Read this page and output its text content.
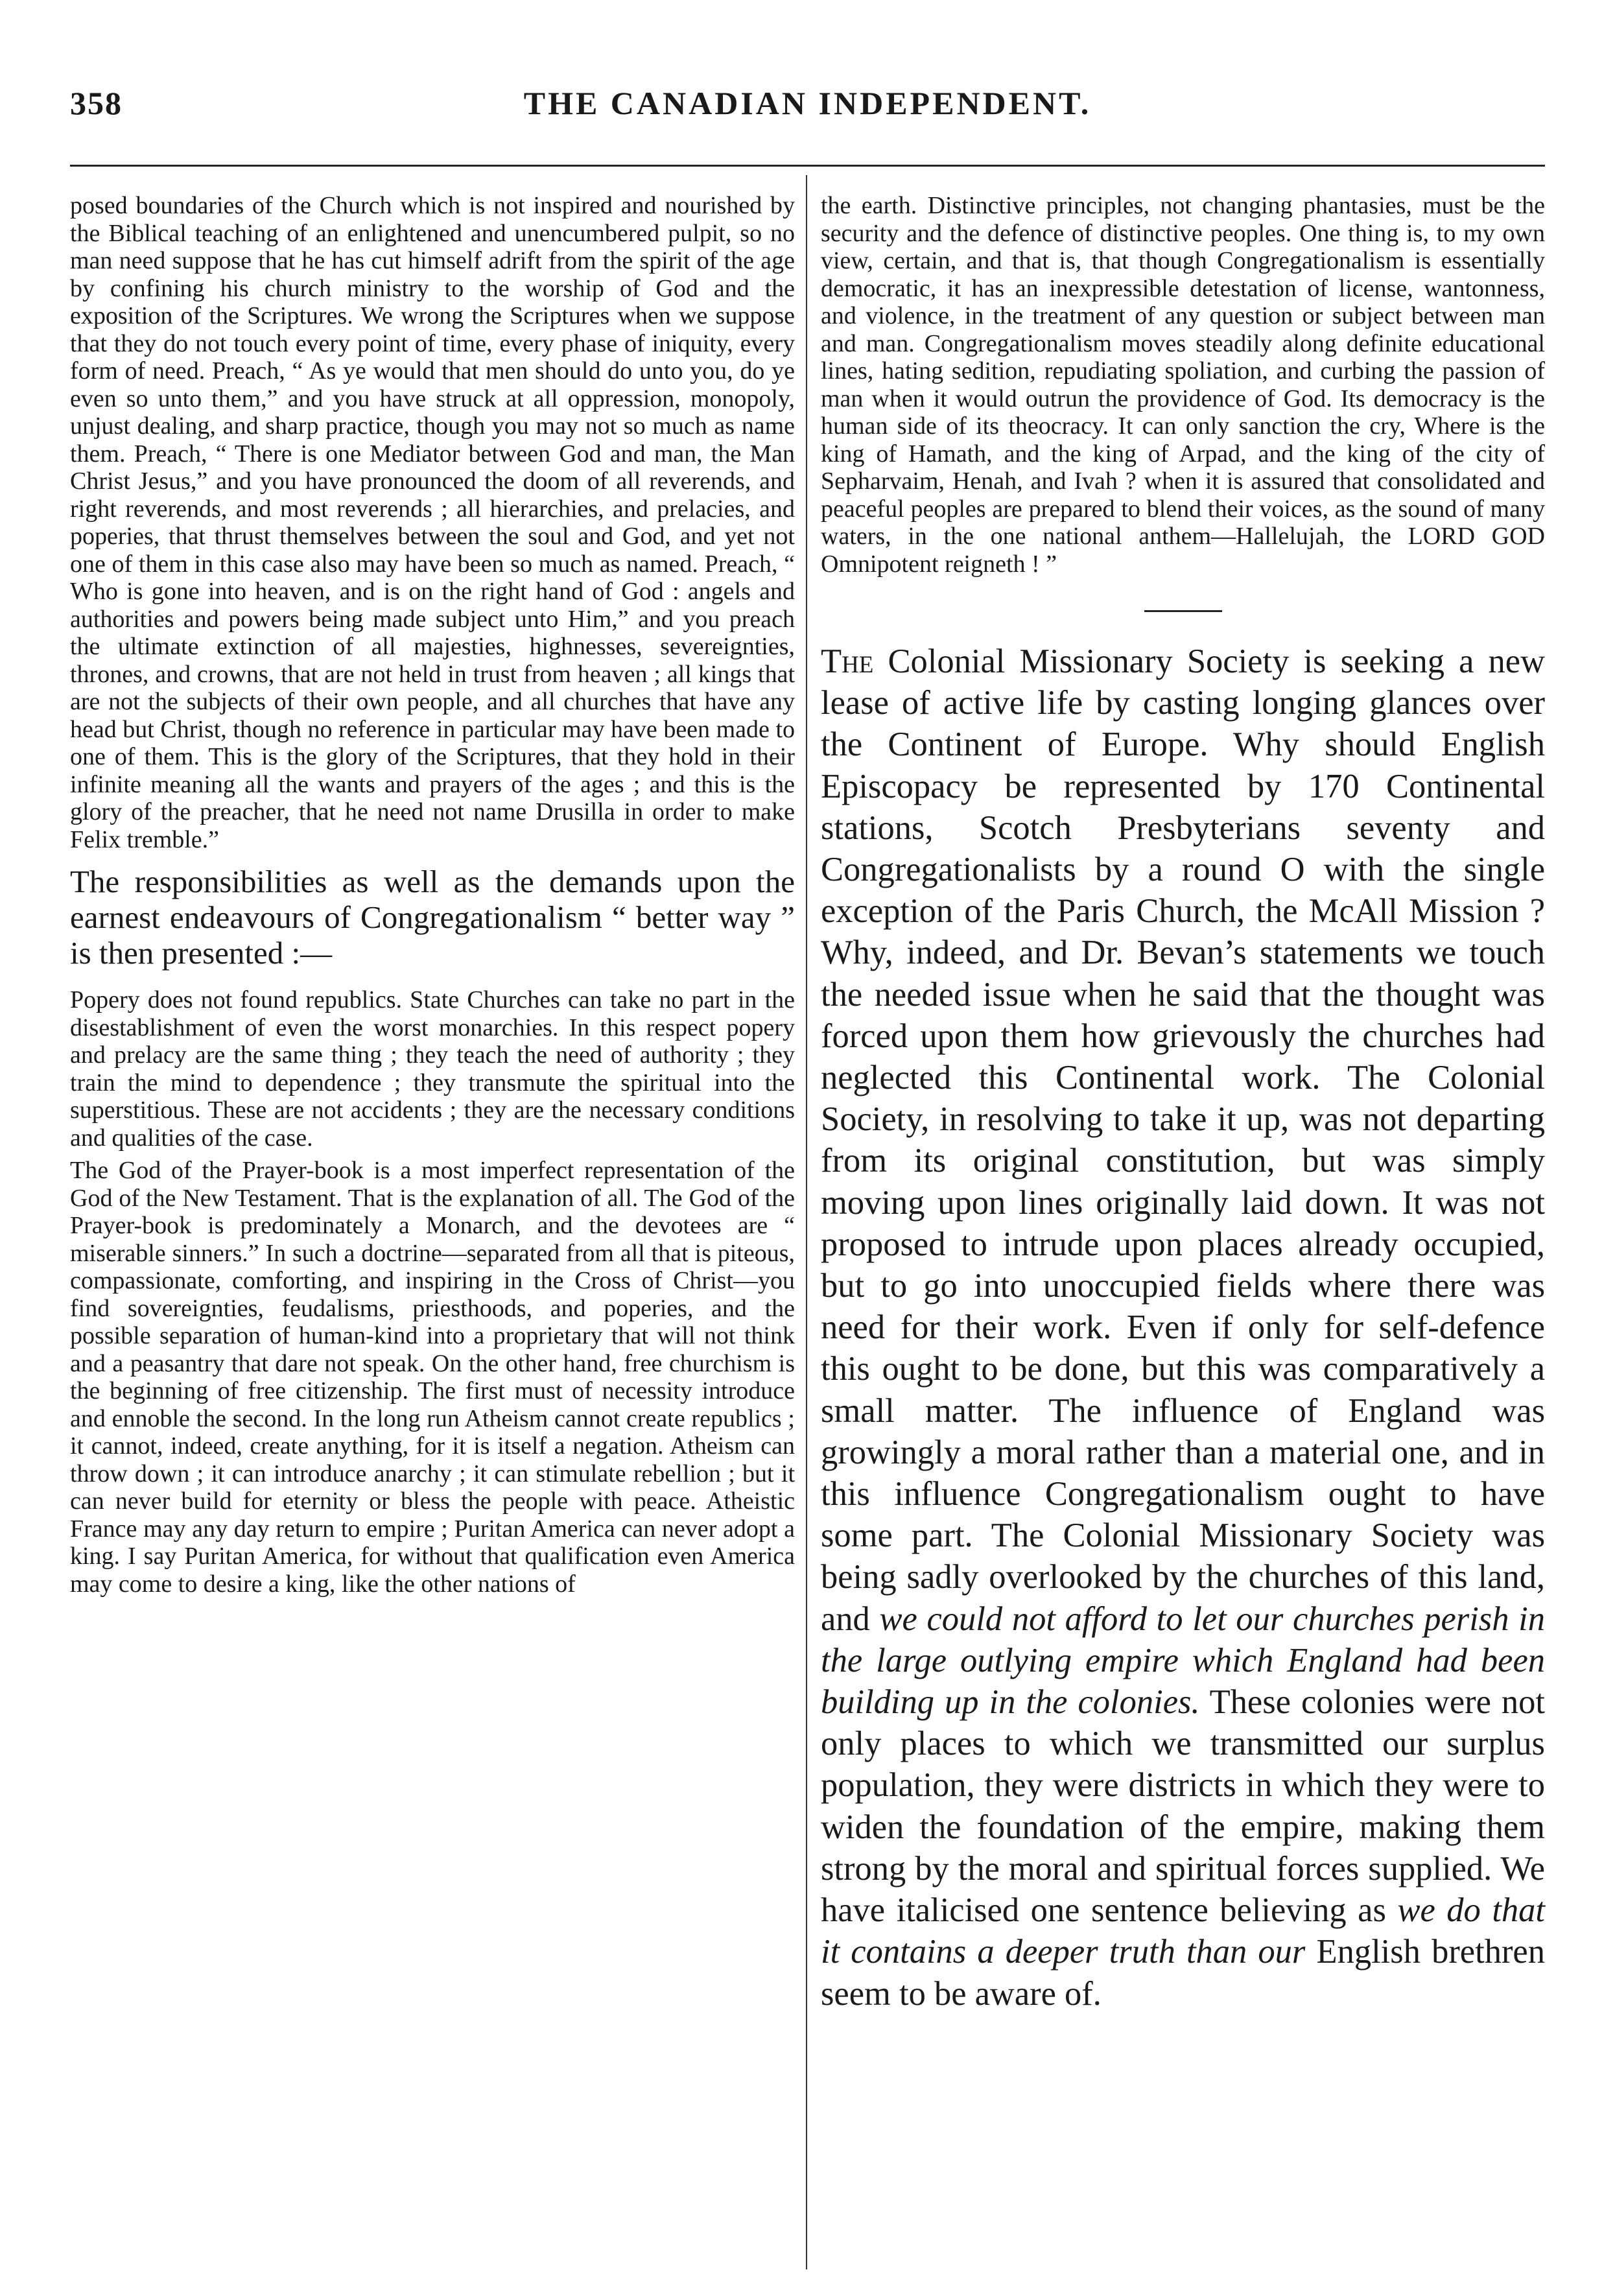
358	THE CANADIAN INDEPENDENT.

posed boundaries of the Church which is not inspired and nourished by the Biblical teaching of an enlightened and unencumbered pulpit, so no man need suppose that he has cut himself adrift from the spirit of the age by confining his church ministry to the worship of God and the exposition of the Scriptures. We wrong the Scriptures when we suppose that they do not touch every point of time, every phase of iniquity, every form of need. Preach, “ As ye would that men should do unto you, do ye even so unto them,” and you have struck at all oppression, monopoly, unjust dealing, and sharp practice, though you may not so much as name them. Preach, “ There is one Mediator between God and man, the Man Christ Jesus,” and you have pronounced the doom of all reverends, and right reverends, and most reverends ; all hierarchies, and prelacies, and poperies, that thrust themselves between the soul and God, and yet not one of them in this case also may have been so much as named. Preach, “ Who is gone into heaven, and is on the right hand of God : angels and authorities and powers being made subject unto Him,” and you preach the ultimate extinction of all majesties, highnesses, severeignties, thrones, and crowns, that are not held in trust from heaven ; all kings that are not the subjects of their own people, and all churches that have any head but Christ, though no reference in particular may have been made to one of them. This is the glory of the Scriptures, that they hold in their infinite meaning all the wants and prayers of the ages ; and this is the glory of the preacher, that he need not name Drusilla in order to make Felix tremble.”

The responsibilities as well as the demands upon the earnest endeavours of Congregationalism “ better way ” is then presented :—

Popery does not found republics. State Churches can take no part in the disestablishment of even the worst monarchies. In this respect popery and prelacy are the same thing ; they teach the need of authority ; they train the mind to dependence ; they transmute the spiritual into the superstitious. These are not accidents ; they are the necessary conditions and qualities of the case.

The God of the Prayer-book is a most imperfect representation of the God of the New Testament. That is the explanation of all. The God of the Prayer-book is predominately a Monarch, and the devotees are “ miserable sinners.” In such a doctrine—separated from all that is piteous, compassionate, comforting, and inspiring in the Cross of Christ—you find sovereignties, feudalisms, priesthoods, and poperies, and the possible separation of human-kind into a proprietary that will not think and a peasantry that dare not speak. On the other hand, free churchism is the beginning of free citizenship. The first must of necessity introduce and ennoble the second. In the long run Atheism cannot create republics ; it cannot, indeed, create anything, for it is itself a negation. Atheism can throw down ; it can introduce anarchy ; it can stimulate rebellion ; but it can never build for eternity or bless the people with peace. Atheistic France may any day return to empire ; Puritan America can never adopt a king. I say Puritan America, for without that qualification even America may come to desire a king, like the other nations of

the earth. Distinctive principles, not changing phantasies, must be the security and the defence of distinctive peoples. One thing is, to my own view, certain, and that is, that though Congregationalism is essentially democratic, it has an inexpressible detestation of license, wantonness, and violence, in the treatment of any question or subject between man and man. Congregationalism moves steadily along definite educational lines, hating sedition, repudiating spoliation, and curbing the passion of man when it would outrun the providence of God. Its democracy is the human side of its theocracy. It can only sanction the cry, Where is the king of Hamath, and the king of Arpad, and the king of the city of Sepharvaim, Henah, and Ivah ? when it is assured that consolidated and peaceful peoples are prepared to blend their voices, as the sound of many waters, in the one national anthem—Hallelujah, the LORD GOD Omnipotent reigneth ! ”

The Colonial Missionary Society is seeking a new lease of active life by casting longing glances over the Continent of Europe. Why should English Episcopacy be represented by 170 Continental stations, Scotch Presbyterians seventy and Congregationalists by a round O with the single exception of the Paris Church, the McAll Mission ? Why, indeed, and Dr. Bevan’s statements we touch the needed issue when he said that the thought was forced upon them how grievously the churches had neglected this Continental work. The Colonial Society, in resolving to take it up, was not departing from its original constitution, but was simply moving upon lines originally laid down. It was not proposed to intrude upon places already occupied, but to go into unoccupied fields where there was need for their work. Even if only for self-defence this ought to be done, but this was comparatively a small matter. The influence of England was growingly a moral rather than a material one, and in this influence Congregationalism ought to have some part. The Colonial Missionary Society was being sadly overlooked by the churches of this land, and we could not afford to let our churches perish in the large outlying empire which England had been building up in the colonies. These colonies were not only places to which we transmitted our surplus population, they were districts in which they were to widen the foundation of the empire, making them strong by the moral and spiritual forces supplied. We have italicised one sentence believing as we do that it contains a deeper truth than our English brethren seem to be aware of.
